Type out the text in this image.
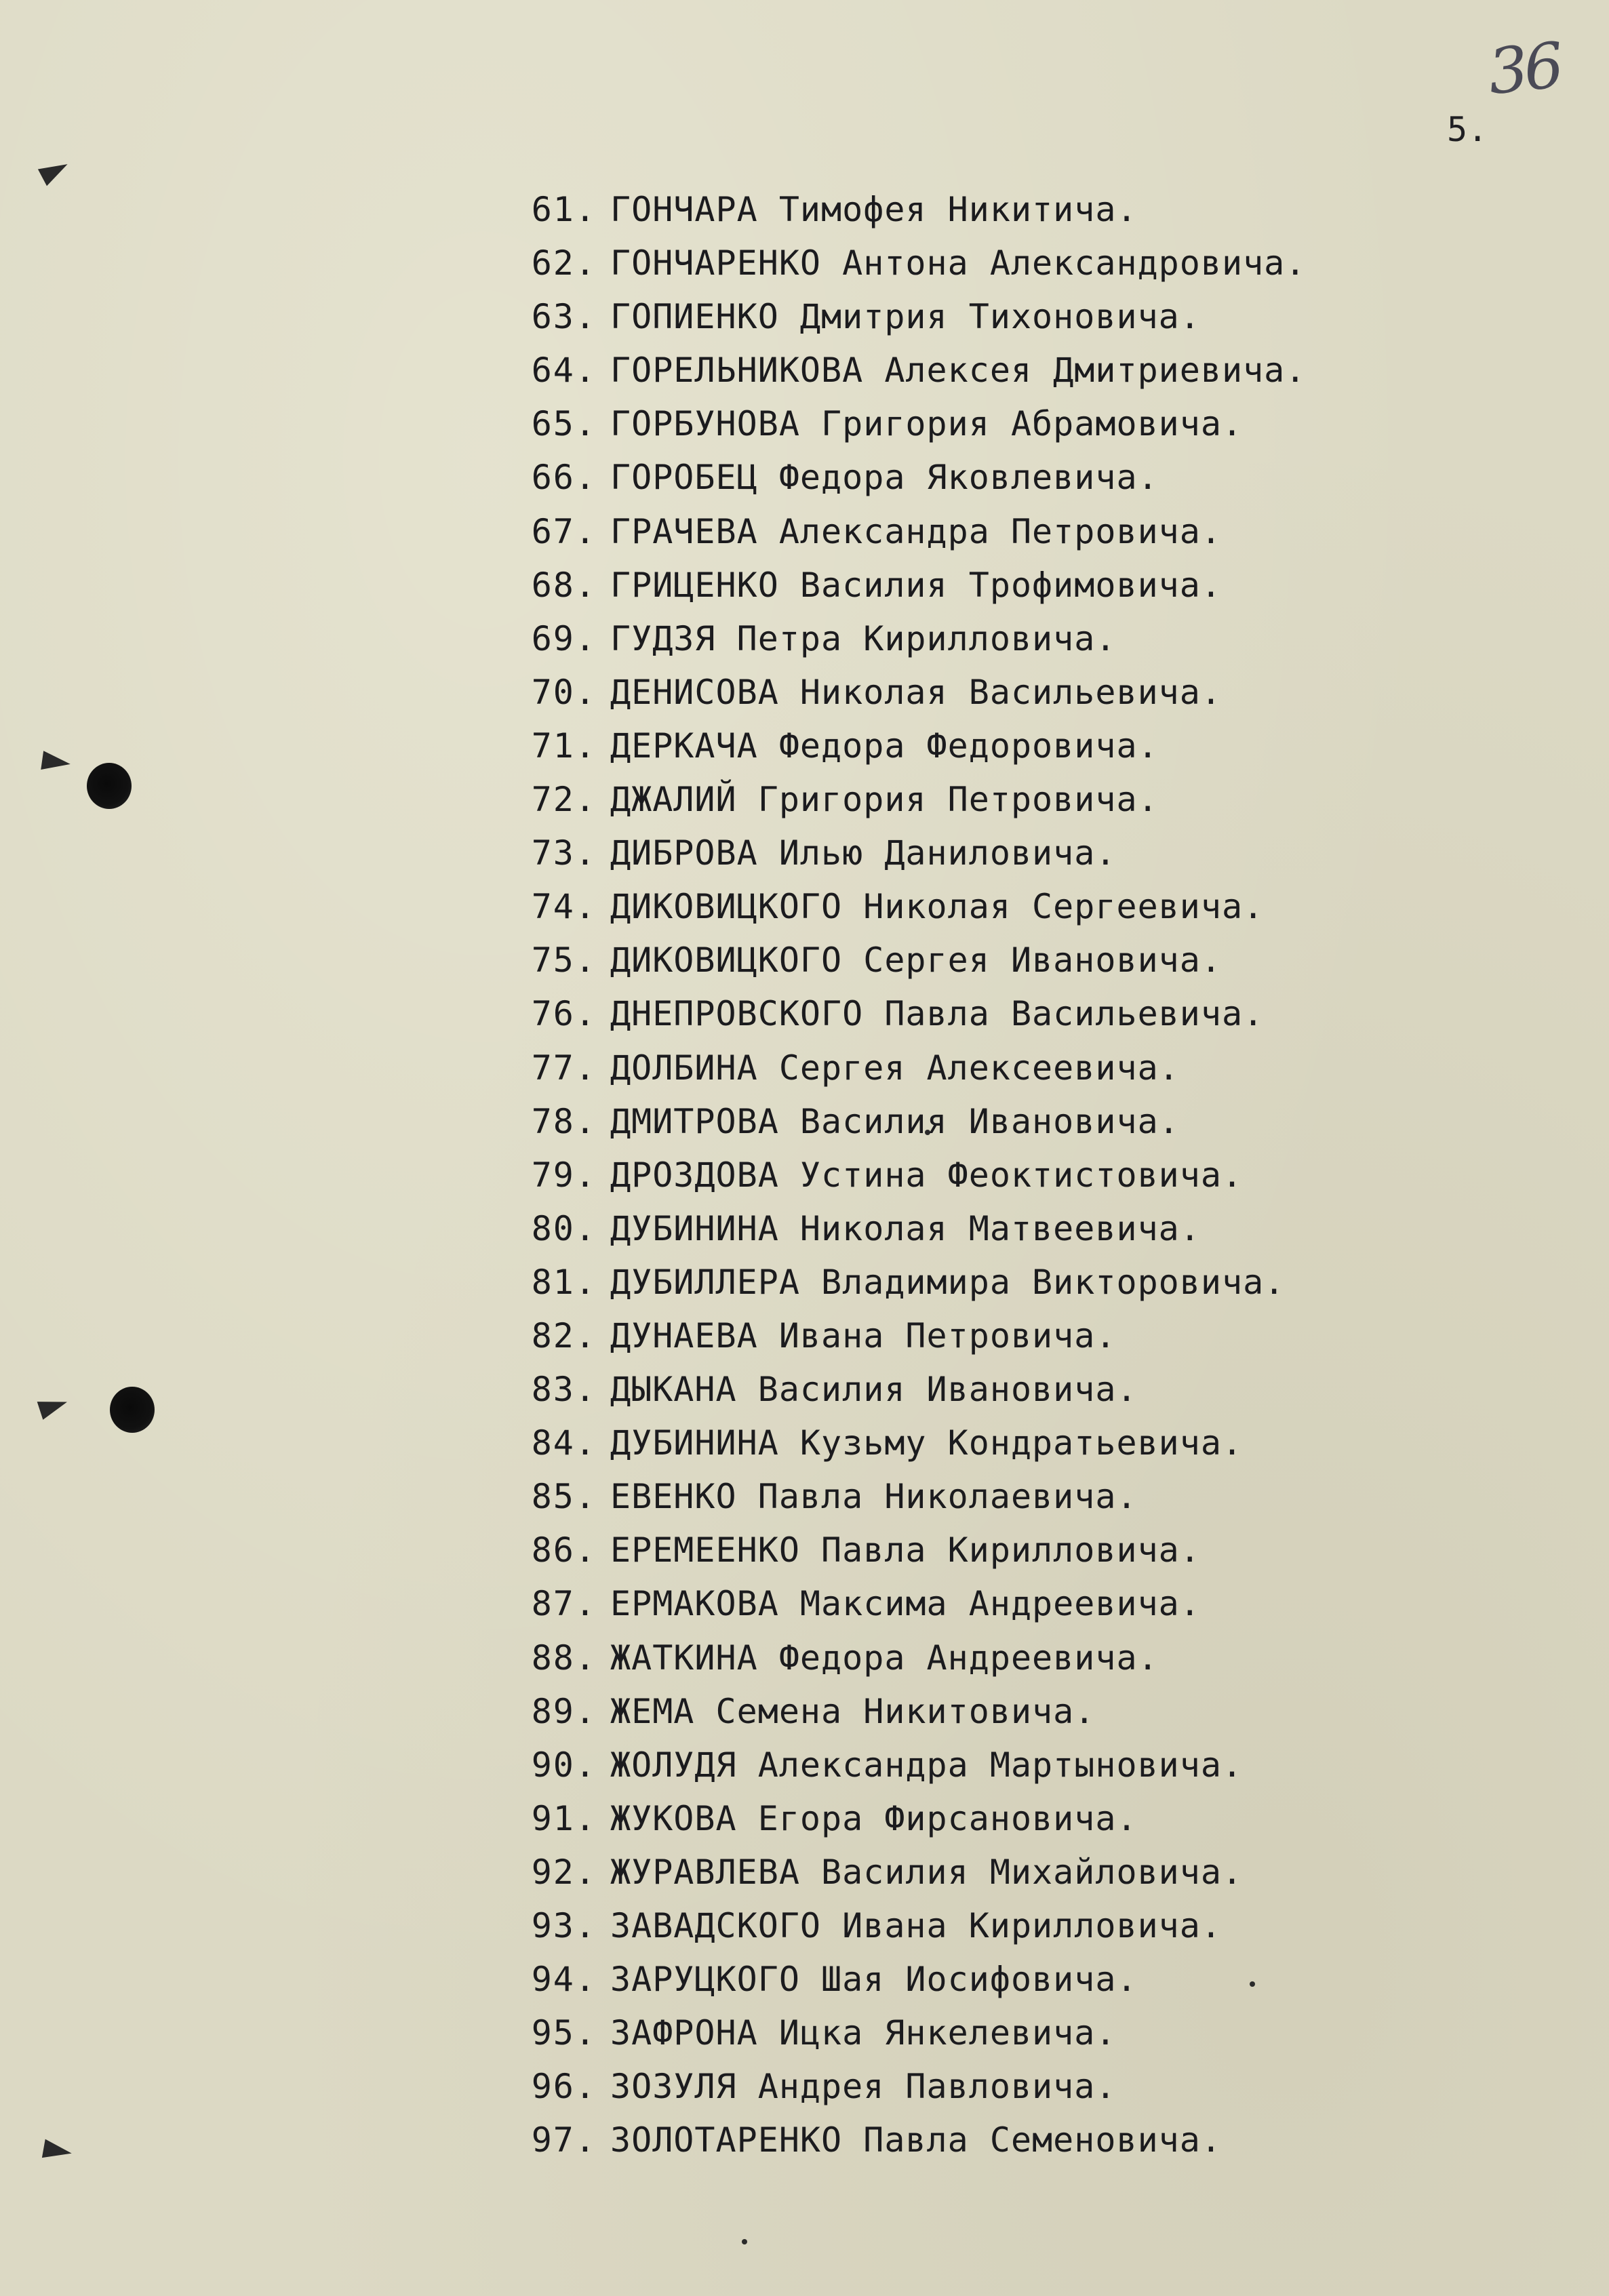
36
5.
61. ГОНЧАРА Тимофея Никитича.
62. ГОНЧАРЕНКО Антона Александровича.
63. ГОПИЕНКО Дмитрия Тихоновича.
64. ГОРЕЛЬНИКОВА Алексея Дмитриевича.
65. ГОРБУНОВА Григория Абрамовича.
66. ГОРОБЕЦ Федора Яковлевича.
67. ГРАЧЕВА Александра Петровича.
68. ГРИЦЕНКО Василия Трофимовича.
69. ГУДЗЯ Петра Кирилловича.
70. ДЕНИСОВА Николая Васильевича.
71. ДЕРКАЧА Федора Федоровича.
72. ДЖАЛИЙ Григория Петровича.
73. ДИБРОВА Илью Даниловича.
74. ДИКОВИЦКОГО Николая Сергеевича.
75. ДИКОВИЦКОГО Сергея Ивановича.
76. ДНЕПРОВСКОГО Павла Васильевича.
77. ДОЛБИНА Сергея Алексеевича.
78. ДМИТРОВА Василия Ивановича.
79. ДРОЗДОВА Устина Феоктистовича.
80. ДУБИНИНА Николая Матвеевича.
81. ДУБИЛЛЕРА Владимира Викторовича.
82. ДУНАЕВА Ивана Петровича.
83. ДЫКАНА Василия Ивановича.
84. ДУБИНИНА Кузьму Кондратьевича.
85. ЕВЕНКО Павла Николаевича.
86. ЕРЕМЕЕНКО Павла Кирилловича.
87. ЕРМАКОВА Максима Андреевича.
88. ЖАТКИНА Федора Андреевича.
89. ЖЕМА Семена Никитовича.
90. ЖОЛУДЯ Александра Мартыновича.
91. ЖУКОВА Егора Фирсановича.
92. ЖУРАВЛЕВА Василия Михайловича.
93. ЗАВАДСКОГО Ивана Кирилловича.
94. ЗАРУЦКОГО Шая Иосифовича.
95. ЗАФРОНА Ицка Янкелевича.
96. ЗОЗУЛЯ Андрея Павловича.
97. ЗОЛОТАРЕНКО Павла Семеновича.
